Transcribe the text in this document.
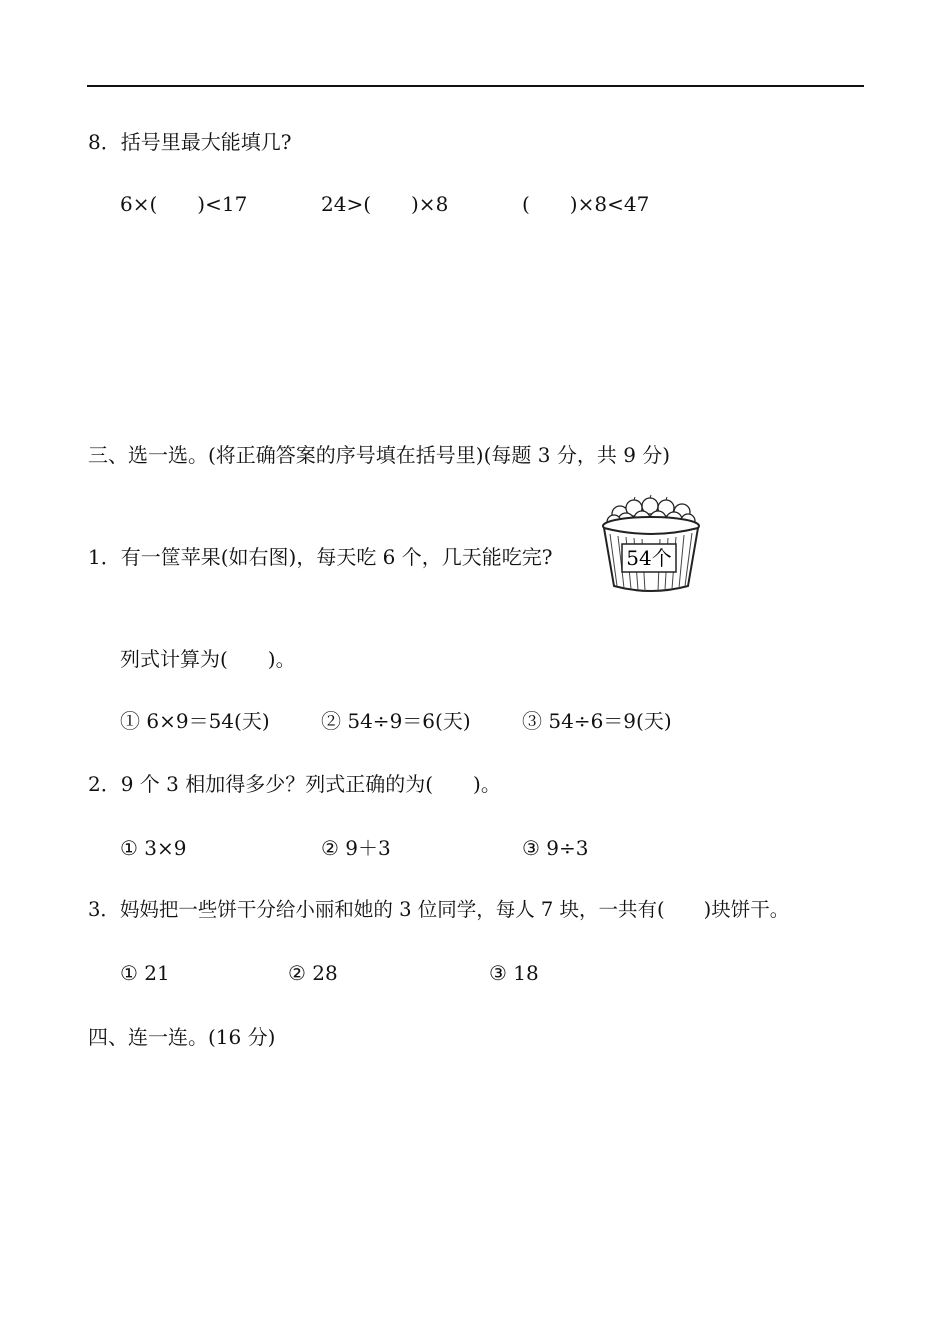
8．括号里最大能填几?
6×(　　)<17	24>(　　)×8	(　　)×8<47
三、选一选。(将正确答案的序号填在括号里)(每题 3 分，共 9 分)
1．有一筐苹果(如右图)，每天吃 6 个，几天能吃完?	54个
列式计算为(　　)。
① 6×9＝54(天)	② 54÷9＝6(天)	③ 54÷6＝9(天)
2．9 个 3 相加得多少？列式正确的为(　　)。
① 3×9	② 9＋3	③ 9÷3
3．妈妈把一些饼干分给小丽和她的 3 位同学，每人 7 块，一共有(　　)块饼干。
① 21	② 28	③ 18
四、连一连。(16 分)
